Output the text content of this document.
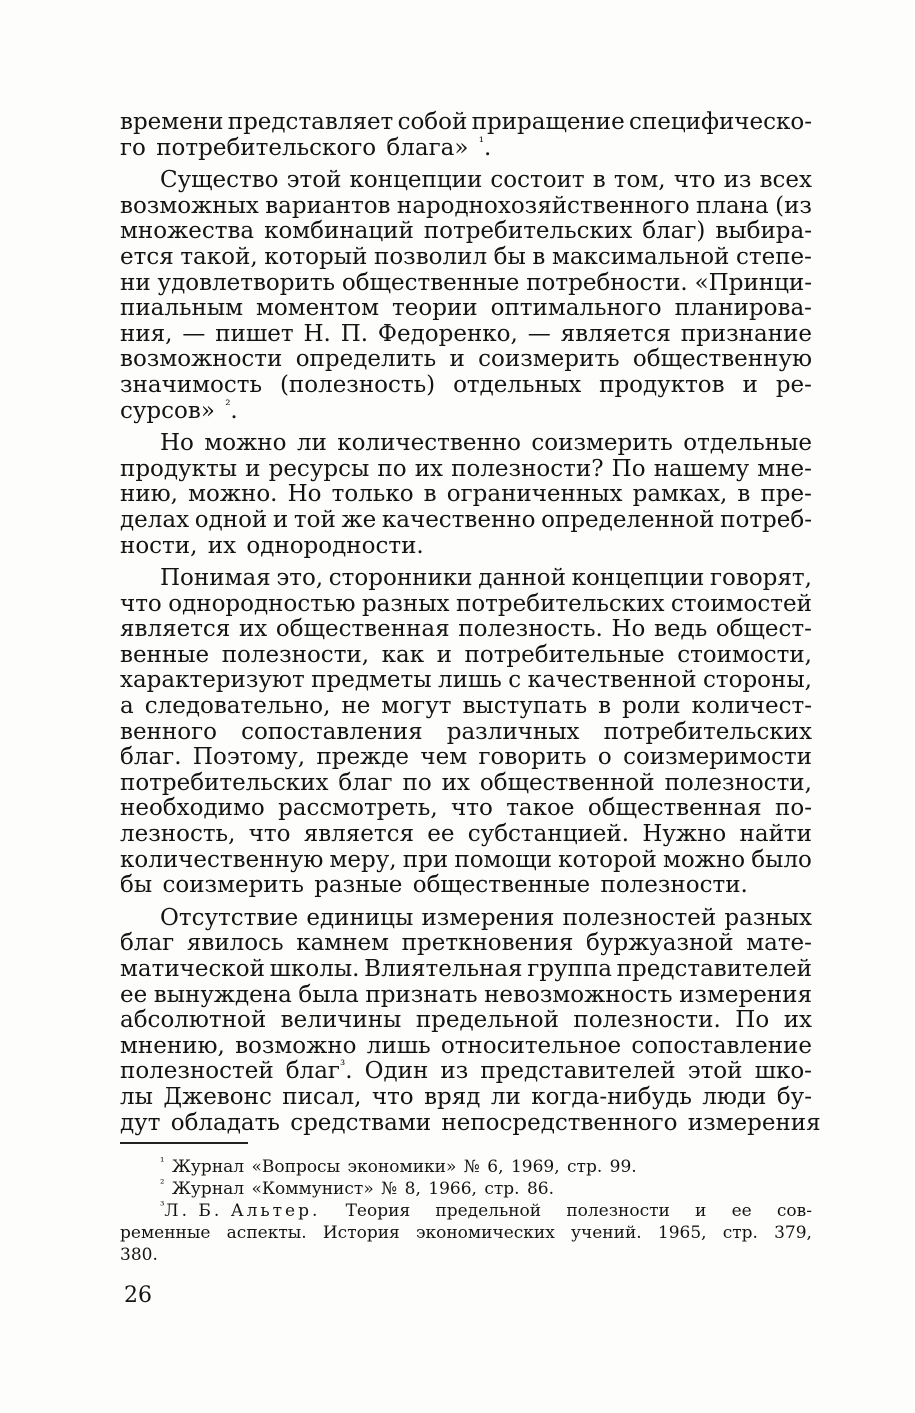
времени представляет собой приращение специфическо-
го потребительского блага» $^{^1}$.
Существо этой концепции состоит в том, что из всех
возможных вариантов народнохозяйственного плана (из
множества комбинаций потребительских благ) выбира-
ется такой, который позволил бы в максимальной степе-
ни удовлетворить общественные потребности. «Принци-
пиальным моментом теории оптимального планирова-
ния, — пишет Н. П. Федоренко, — является признание
возможности определить и соизмерить общественную
значимость (полезность) отдельных продуктов и ре-
сурсов» $^{^2}$.
Но можно ли количественно соизмерить отдельные
продукты и ресурсы по их полезности? По нашему мне-
нию, можно. Но только в ограниченных рамках, в пре-
делах одной и той же качественно определенной потреб-
ности, их однородности.
Понимая это, сторонники данной концепции говорят,
что однородностью разных потребительских стоимостей
является их общественная полезность. Но ведь общест-
венные полезности, как и потребительные стоимости,
характеризуют предметы лишь с качественной стороны,
а следовательно, не могут выступать в роли количест-
венного сопоставления различных потребительских
благ. Поэтому, прежде чем говорить о соизмеримости
потребительских благ по их общественной полезности,
необходимо рассмотреть, что такое общественная по-
лезность, что является ее субстанцией. Нужно найти
количественную меру, при помощи которой можно было
бы соизмерить разные общественные полезности.
Отсутствие единицы измерения полезностей разных
благ явилось камнем преткновения буржуазной мате-
матической школы. Влиятельная группа представителей
ее вынуждена была признать невозможность измерения
абсолютной величины предельной полезности. По их
мнению, возможно лишь относительное сопоставление
полезностей благ$^{^3}$. Один из представителей этой шко-
лы Джевонс писал, что вряд ли когда-нибудь люди бу-
дут обладать средствами непосредственного измерения
$^{^1}$ Журнал «Вопросы экономики» № 6, 1969, стр. 99.
$^{^2}$ Журнал «Коммунист» № 8, 1966, стр. 86.
$^{^3}$Л. Б. Альтер. Теория предельной полезности и ее сов-
ременные аспекты. История экономических учений. 1965, стр. 379,
380.
26
